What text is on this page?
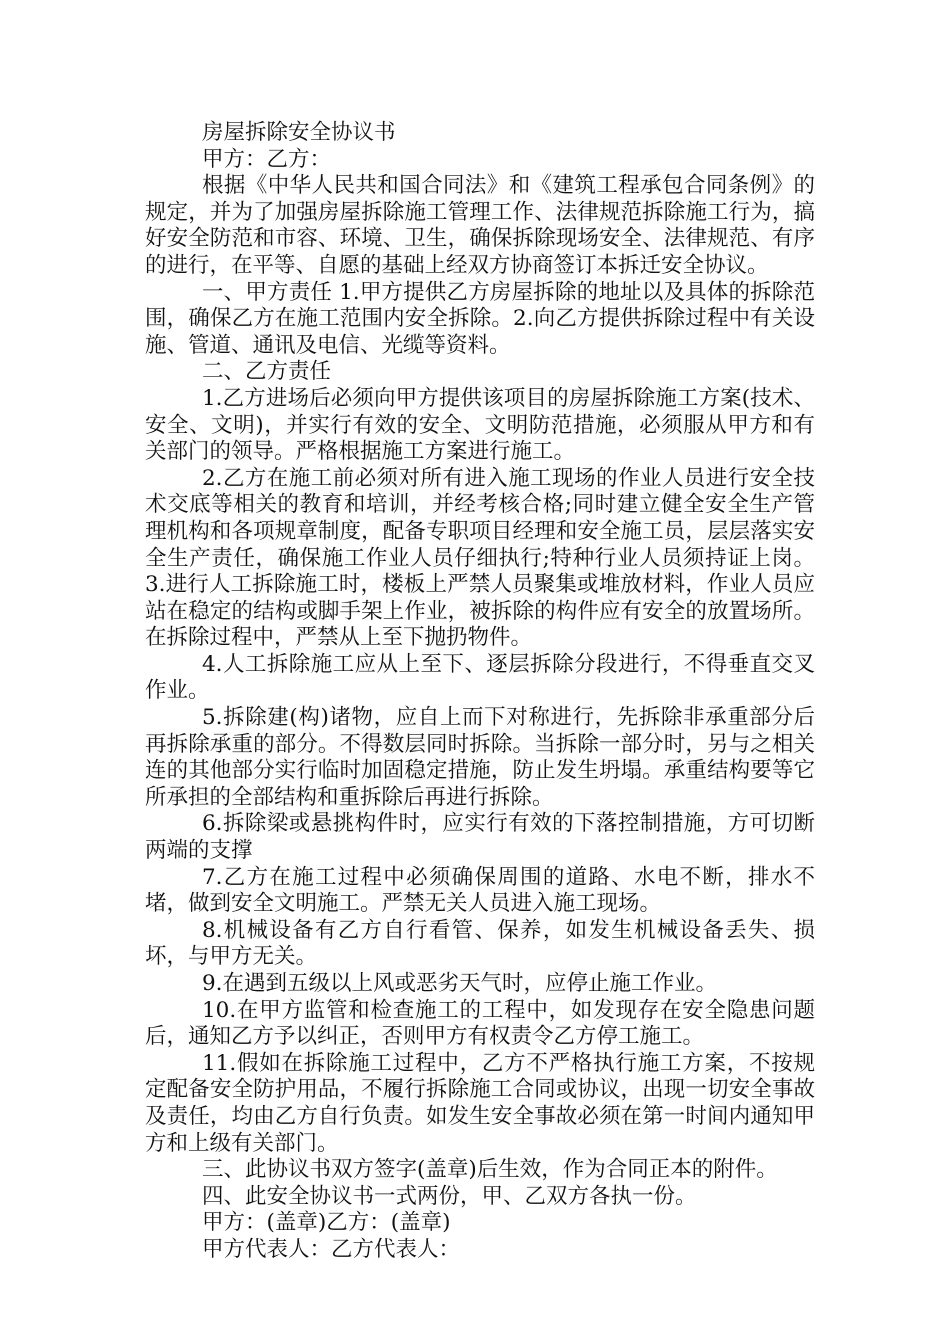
房屋拆除安全协议书

甲方：乙方：

根据《中华人民共和国合同法》和《建筑工程承包合同条例》的规定，并为了加强房屋拆除施工管理工作、法律规范拆除施工行为，搞好安全防范和市容、环境、卫生，确保拆除现场安全、法律规范、有序的进行，在平等、自愿的基础上经双方协商签订本拆迁安全协议。

一、甲方责任 1.甲方提供乙方房屋拆除的地址以及具体的拆除范围，确保乙方在施工范围内安全拆除。2.向乙方提供拆除过程中有关设施、管道、通讯及电信、光缆等资料。

二、乙方责任

1.乙方进场后必须向甲方提供该项目的房屋拆除施工方案(技术、安全、文明)，并实行有效的安全、文明防范措施，必须服从甲方和有关部门的领导。严格根据施工方案进行施工。

2.乙方在施工前必须对所有进入施工现场的作业人员进行安全技术交底等相关的教育和培训，并经考核合格;同时建立健全安全生产管理机构和各项规章制度，配备专职项目经理和安全施工员，层层落实安全生产责任，确保施工作业人员仔细执行;特种行业人员须持证上岗。3.进行人工拆除施工时，楼板上严禁人员聚集或堆放材料，作业人员应站在稳定的结构或脚手架上作业，被拆除的构件应有安全的放置场所。在拆除过程中，严禁从上至下抛扔物件。

4.人工拆除施工应从上至下、逐层拆除分段进行，不得垂直交叉作业。

5.拆除建(构)诸物，应自上而下对称进行，先拆除非承重部分后再拆除承重的部分。不得数层同时拆除。当拆除一部分时，另与之相关连的其他部分实行临时加固稳定措施，防止发生坍塌。承重结构要等它所承担的全部结构和重拆除后再进行拆除。

6.拆除梁或悬挑构件时，应实行有效的下落控制措施，方可切断两端的支撑

7.乙方在施工过程中必须确保周围的道路、水电不断，排水不堵，做到安全文明施工。严禁无关人员进入施工现场。

8.机械设备有乙方自行看管、保养，如发生机械设备丢失、损坏，与甲方无关。

9.在遇到五级以上风或恶劣天气时，应停止施工作业。

10.在甲方监管和检查施工的工程中，如发现存在安全隐患问题后，通知乙方予以纠正，否则甲方有权责令乙方停工施工。

11.假如在拆除施工过程中，乙方不严格执行施工方案，不按规定配备安全防护用品，不履行拆除施工合同或协议，出现一切安全事故及责任，均由乙方自行负责。如发生安全事故必须在第一时间内通知甲方和上级有关部门。

三、此协议书双方签字(盖章)后生效，作为合同正本的附件。

四、此安全协议书一式两份，甲、乙双方各执一份。

甲方：(盖章)乙方：(盖章)

甲方代表人：乙方代表人：
